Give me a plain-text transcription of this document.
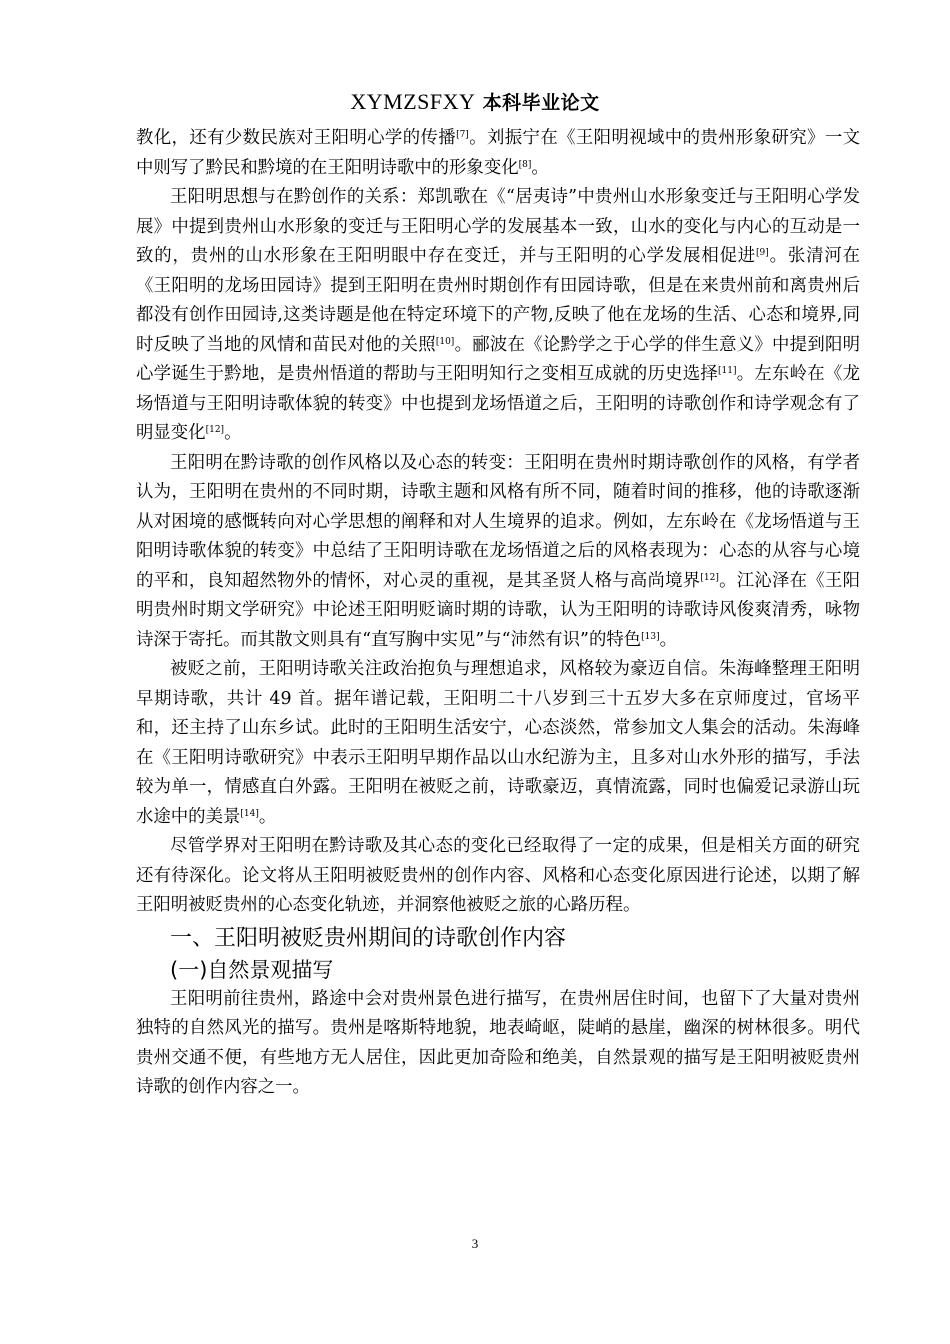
XYMZSFXY 本科毕业论文

教化，还有少数民族对王阳明心学的传播[7]。刘振宁在《王阳明视域中的贵州形象研究》一文中则写了黔民和黔境的在王阳明诗歌中的形象变化[8]。

王阳明思想与在黔创作的关系：郑凯歌在《“居夷诗”中贵州山水形象变迁与王阳明心学发展》中提到贵州山水形象的变迁与王阳明心学的发展基本一致，山水的变化与内心的互动是一致的，贵州的山水形象在王阳明眼中存在变迁，并与王阳明的心学发展相促进[9]。张清河在《王阳明的龙场田园诗》提到王阳明在贵州时期创作有田园诗歌，但是在来贵州前和离贵州后都没有创作田园诗,这类诗题是他在特定环境下的产物,反映了他在龙场的生活、心态和境界,同时反映了当地的风情和苗民对他的关照[10]。郦波在《论黔学之于心学的伴生意义》中提到阳明心学诞生于黔地，是贵州悟道的帮助与王阳明知行之变相互成就的历史选择[11]。左东岭在《龙场悟道与王阳明诗歌体貌的转变》中也提到龙场悟道之后，王阳明的诗歌创作和诗学观念有了明显变化[12]。

王阳明在黔诗歌的创作风格以及心态的转变：王阳明在贵州时期诗歌创作的风格，有学者认为，王阳明在贵州的不同时期，诗歌主题和风格有所不同，随着时间的推移，他的诗歌逐渐从对困境的感慨转向对心学思想的阐释和对人生境界的追求。例如，左东岭在《龙场悟道与王阳明诗歌体貌的转变》中总结了王阳明诗歌在龙场悟道之后的风格表现为：心态的从容与心境的平和，良知超然物外的情怀，对心灵的重视，是其圣贤人格与高尚境界[12]。江沁泽在《王阳明贵州时期文学研究》中论述王阳明贬谪时期的诗歌，认为王阳明的诗歌诗风俊爽清秀，咏物诗深于寄托。而其散文则具有“直写胸中实见”与“沛然有识”的特色[13]。

被贬之前，王阳明诗歌关注政治抱负与理想追求，风格较为豪迈自信。朱海峰整理王阳明早期诗歌，共计 49 首。据年谱记载，王阳明二十八岁到三十五岁大多在京师度过，官场平和，还主持了山东乡试。此时的王阳明生活安宁，心态淡然，常参加文人集会的活动。朱海峰在《王阳明诗歌研究》中表示王阳明早期作品以山水纪游为主，且多对山水外形的描写，手法较为单一，情感直白外露。王阳明在被贬之前，诗歌豪迈，真情流露，同时也偏爱记录游山玩水途中的美景[14]。

尽管学界对王阳明在黔诗歌及其心态的变化已经取得了一定的成果，但是相关方面的研究还有待深化。论文将从王阳明被贬贵州的创作内容、风格和心态变化原因进行论述，以期了解王阳明被贬贵州的心态变化轨迹，并洞察他被贬之旅的心路历程。

一、王阳明被贬贵州期间的诗歌创作内容
(一)自然景观描写

王阳明前往贵州，路途中会对贵州景色进行描写，在贵州居住时间，也留下了大量对贵州独特的自然风光的描写。贵州是喀斯特地貌，地表崎岖，陡峭的悬崖，幽深的树林很多。明代贵州交通不便，有些地方无人居住，因此更加奇险和绝美，自然景观的描写是王阳明被贬贵州诗歌的创作内容之一。

3
